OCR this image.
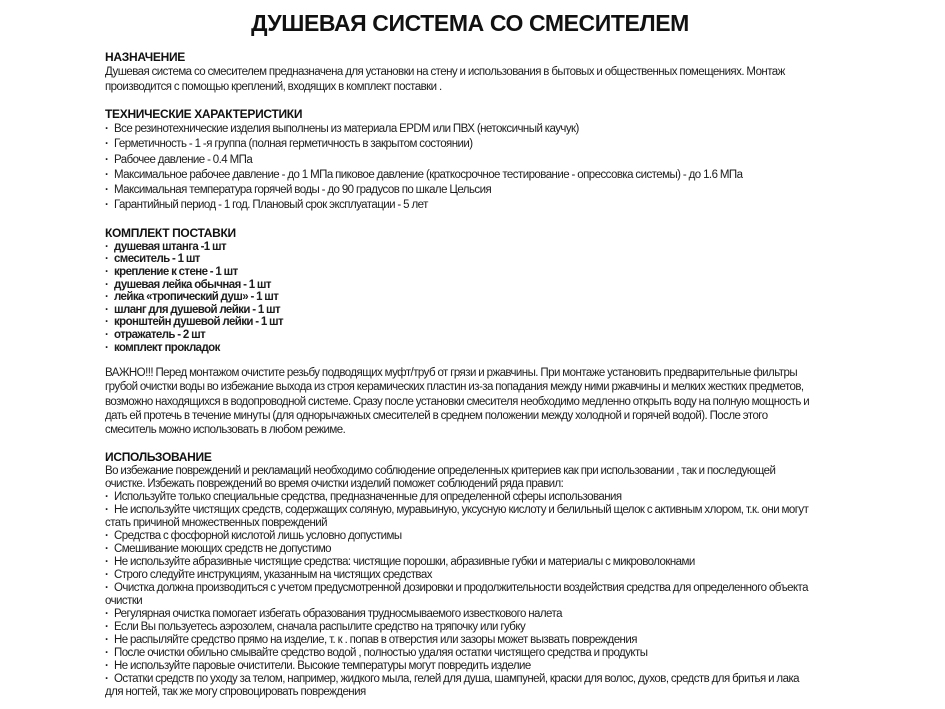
ДУШЕВАЯ СИСТЕМА СО СМЕСИТЕЛЕМ
НАЗНАЧЕНИЕ
Душевая система со смесителем предназначена для установки на стену и использования в бытовых и общественных помещениях. Монтаж производится с помощью креплений, входящих в комплект поставки .
ТЕХНИЧЕСКИЕ ХАРАКТЕРИСТИКИ
· Все резинотехнические изделия выполнены из материала EPDM или ПВХ (нетоксичный каучук)
· Герметичность - 1 -я группа (полная герметичность в закрытом состоянии)
· Рабочее давление - 0.4 МПа
· Максимальное рабочее давление - до 1 МПа пиковое давление (краткосрочное тестирование - опрессовка системы) - до 1.6 МПа
· Максимальная температура горячей воды - до 90 градусов по шкале Цельсия
· Гарантийный период - 1 год. Плановый срок эксплуатации - 5 лет
КОМПЛЕКТ ПОСТАВКИ
· душевая штанга -1 шт
· смеситель - 1 шт
· крепление к стене - 1 шт
· душевая лейка обычная - 1 шт
· лейка «тропический душ» - 1 шт
· шланг для душевой лейки - 1 шт
· кронштейн душевой лейки - 1 шт
· отражатель - 2 шт
· комплект прокладок
ВАЖНО!!! Перед монтажом очистите резьбу подводящих муфт/труб от грязи и ржавчины. При монтаже установить предварительные фильтры грубой очистки воды во избежание выхода из строя керамических пластин из-за попадания между ними ржавчины и мелких жестких предметов, возможно находящихся в водопроводной системе. Сразу после установки смесителя необходимо медленно открыть воду на полную мощность и дать ей протечь в течение минуты (для однорычажных смесителей в среднем положении между холодной и горячей водой). После этого смеситель можно использовать в любом режиме.
ИСПОЛЬЗОВАНИЕ
Во избежание повреждений и рекламаций необходимо соблюдение определенных критериев как при использовании , так и последующей очистке. Избежать повреждений во время очистки изделий поможет соблюдений ряда правил:
· Используйте только специальные средства, предназначенные для определенной сферы использования
· Не используйте чистящих средств, содержащих соляную, муравьиную, уксусную кислоту и белильный щелок с активным хлором, т.к. они могут стать причиной множественных повреждений
· Средства с фосфорной кислотой лишь условно допустимы
· Смешивание моющих средств не допустимо
· Не используйте абразивные чистящие средства: чистящие порошки, абразивные губки и материалы с микроволокнами
· Строго следуйте инструкциям, указанным на чистящих средствах
· Очистка должна производиться с учетом предусмотренной дозировки и продолжительности воздействия средства для определенного объекта очистки
· Регулярная очистка помогает избегать образования трудносмываемого известкового налета
· Если Вы пользуетесь аэрозолем, сначала распылите средство на тряпочку или губку
· Не распыляйте средство прямо на изделие, т. к . попав в отверстия или зазоры может вызвать повреждения
· После очистки обильно смывайте средство водой , полностью удаляя остатки чистящего средства и продукты
· Не используйте паровые очистители. Высокие температуры могут повредить изделие
· Остатки средств по уходу за телом, например, жидкого мыла, гелей для душа, шампуней, краски для волос, духов, средств для бритья и лака для ногтей, так же могу спровоцировать повреждения
